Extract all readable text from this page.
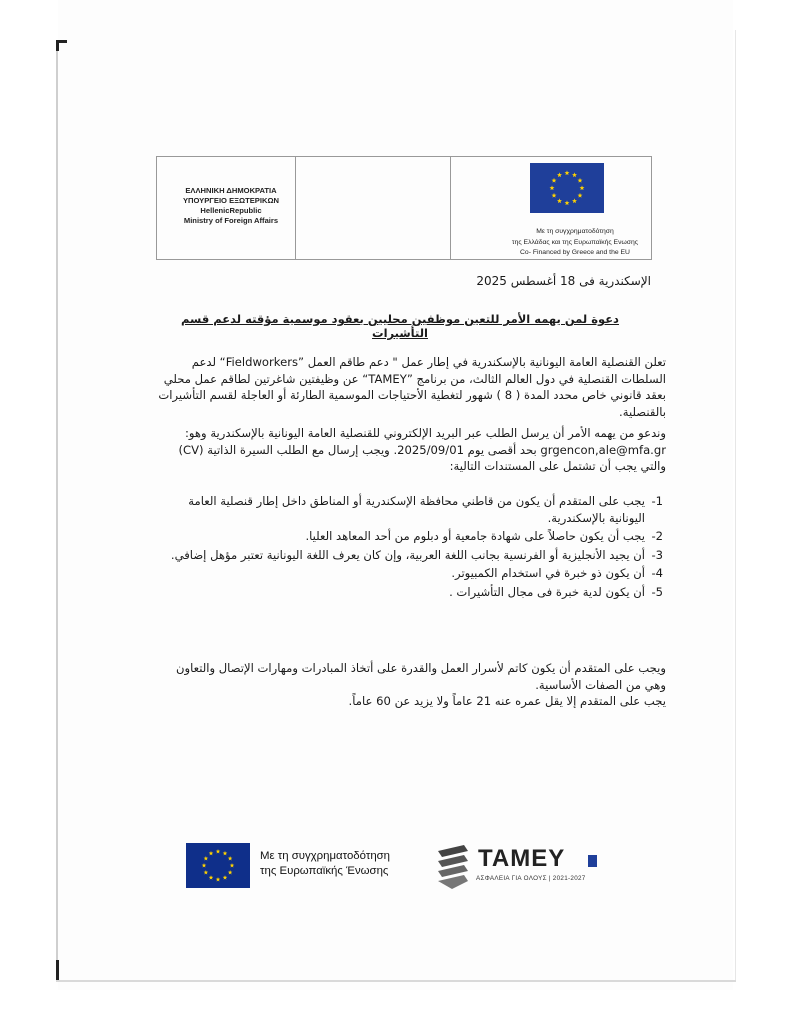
ΕΛΛΗΝΙΚΗ ΔΗΜΟΚΡΑΤΙΑ
ΥΠΟΥΡΓΕΙΟ ΕΞΩΤΕΡΙΚΩΝ
HellenicRepublic
Ministry of Foreign Affairs
Με τη συγχρηματοδότηση
της Ελλάδας και της Ευρωπαϊκής Ενωσης
Co- Financed by Greece and the EU
الإسكندرية فى 18 أغسطس 2025
دعوة لمن يهمه الأمر للتعين موظفين محليين بعقود موسمية مؤقته لدعم قسم التأشيرات
تعلن القنصلية العامة اليونانية بالإسكندرية في إطار عمل " دعم طاقم العمل ”Fieldworkers“ لدعم السلطات القنصلية في دول العالم الثالث، من برنامج ”TAMEY“ عن وظيفتين شاغرتين لطاقم عمل محلي بعقد قانوني خاص محدد المدة ( 8 ) شهور لتغطية الأحتياجات الموسمية الطارئة أو العاجلة لقسم التأشيرات بالقنصلية.
وندعو من يهمه الأمر أن يرسل الطلب عبر البريد الإلكتروني للقنصلية العامة اليونانية بالإسكندرية وهو: grgencon,ale@mfa.gr بحد أقصى يوم 2025/09/01. ويجب إرسال مع الطلب السيرة الذاتية (CV) والتي يجب أن تشتمل على المستندات التالية:
-1
يجب على المتقدم أن يكون من قاطني محافظة الإسكندرية أو المناطق داخل إطار قنصلية العامة اليونانية بالإسكندرية.
-2
يجب أن يكون حاصلاً على شهادة جامعية أو دبلوم من أحد المعاهد العليا.
-3
أن يجيد الأنجليزية أو الفرنسية بجانب اللغة العربية، وإن كان يعرف اللغة اليونانية تعتبر مؤهل إضافي.
-4
أن يكون ذو خبرة في استخدام الكمبيوتر.
-5
أن يكون لدية خبرة فى مجال التأشيرات .
ويجب على المتقدم أن يكون كاتم لأسرار العمل والقدرة على أتخاذ المبادرات ومهارات الإتصال والتعاون وهي من الصفات الأساسية.
يجب على المتقدم إلا يقل عمره عنه 21 عاماً ولا يزيد عن 60 عاماً.
Με τη συγχρηματοδότηση
της Ευρωπαϊκής Ένωσης	TAMEY
ΑΣΦΑΛΕΙΑ ΓΙΑ ΟΛΟΥΣ | 2021-2027
